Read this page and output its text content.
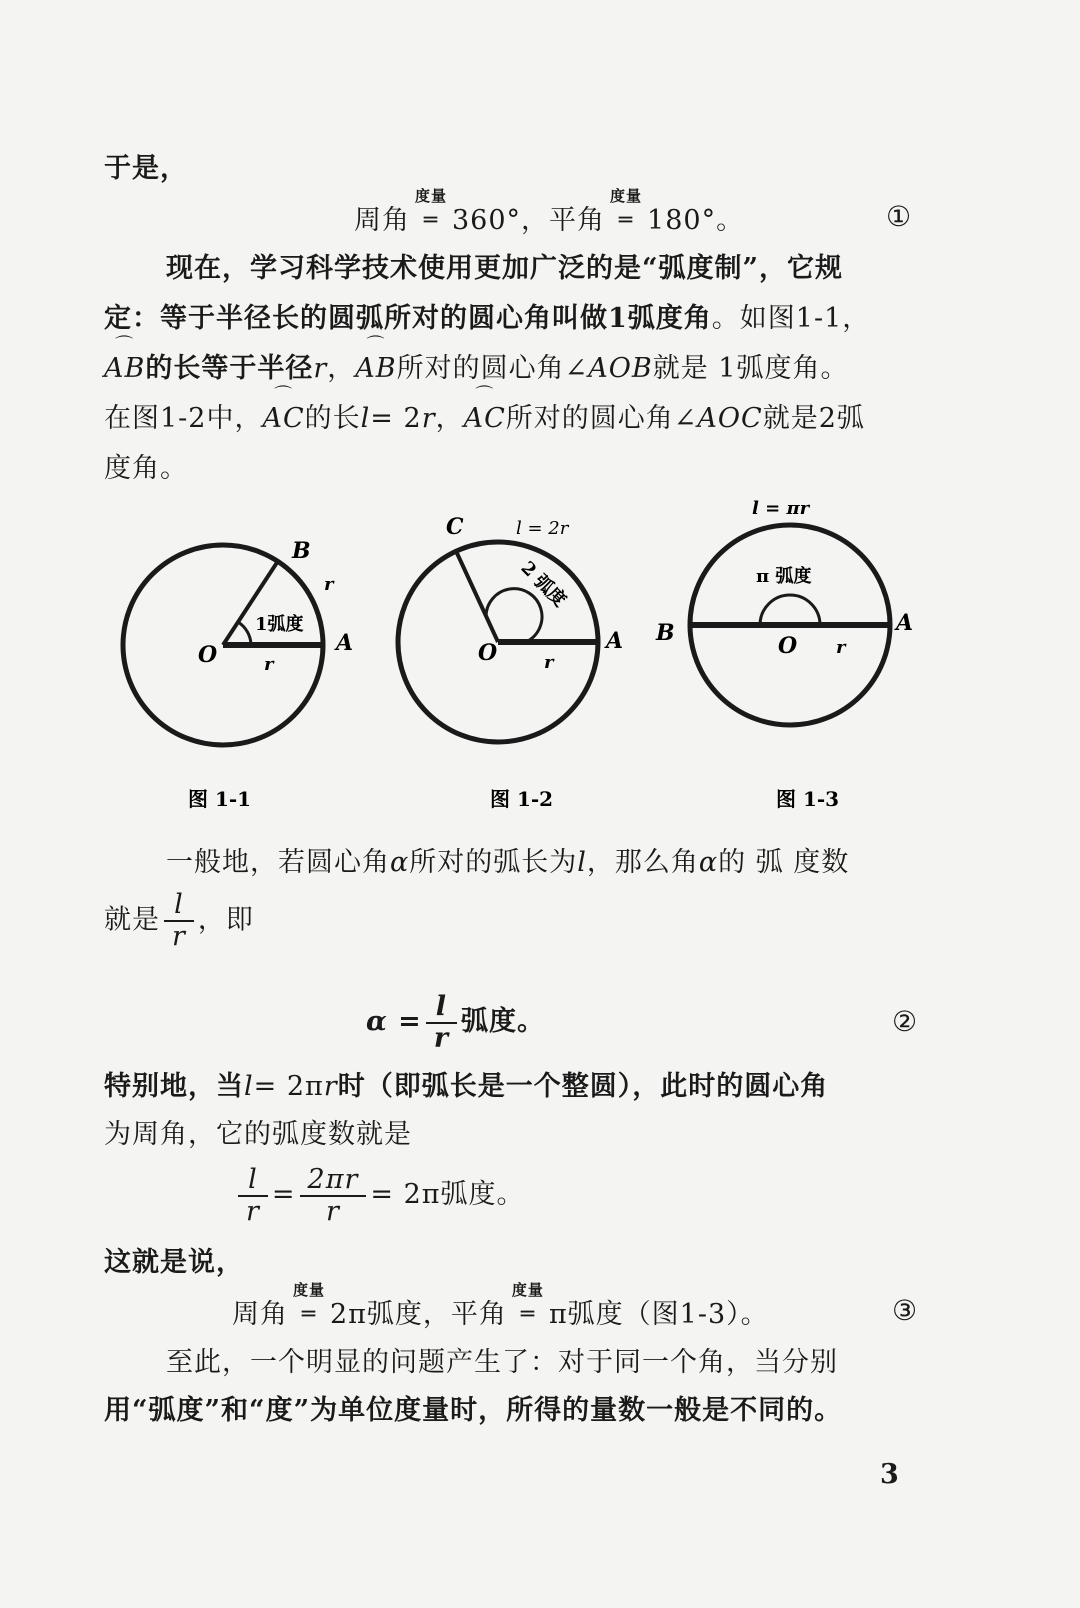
于是，
周角
度量
═ 360°，平角
度量
═ 180°。	①
现在，学习科学技术使用更加广泛的是“弧度制”，它规
定：等于半径长的圆弧所对的圆心角叫做1弧度角。如图1-1，
⌒
AB的长等于半径r，
⌒
AB所对的圆心角∠AOB就是 1弧度角。
在图1-2中，
⌒
AC的长l= 2r，
⌒
AC所对的圆心角∠AOC就是2弧
度角。
B
A
O
r
r
1弧度
图 1-1
C
A
O	r
l = 2r
2 弧度
图 1-2
B	A
O r
l = πr
π 弧度
图 1-3
一般地，若圆心角α所对的弧长为l，那么角α的 弧 度数
就是 $\frac{l}{r}$ ，即
$\alpha = \frac{l}{r}$ 弧度。	②
特别地，当l= 2πr时（即弧长是一个整圆），此时的圆心角
为周角，它的弧度数就是
$\frac{l}{r} = \frac{2\pi r}{r} = 2\pi$弧度。
这就是说，
周角
度量
═ 2π弧度，平角
度量
═ π弧度（图1-3）。	③
至此，一个明显的问题产生了：对于同一个角，当分别
用“弧度”和“度”为单位度量时，所得的量数一般是不同的。
3
